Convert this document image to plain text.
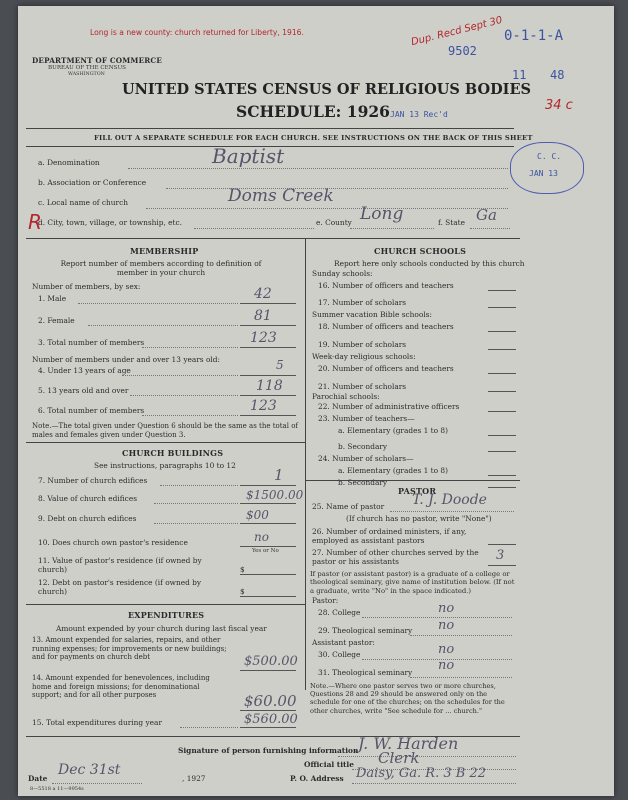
Long is a new county: church returned for Liberty, 1916.	Dup. Recd Sept 30 0-1-1-A
9502
11 48
34 c
R
DEPARTMENT OF COMMERCE
BUREAU OF THE CENSUS
WASHINGTON
UNITED STATES CENSUS OF RELIGIOUS BODIES
SCHEDULE: 1926 JAN 13 Rec'd
C. C.
JAN 13
FILL OUT A SEPARATE SCHEDULE FOR EACH CHURCH. SEE INSTRUCTIONS ON THE BACK OF THIS SHEET
a. Denomination	Baptist
b. Association or Conference
c. Local name of church	Doms Creek
d. City, town, village, or township, etc.	e. County Long	f. State Ga
MEMBERSHIP
Report number of members according to definition of member in your church
Number of members, by sex:
1. Male	42
2. Female	81
3. Total number of members	123
Number of members under and over 13 years old:
4. Under 13 years of age	5
5. 13 years old and over	118
6. Total number of members	123
Note.—The total given under Question 6 should be the same as the total of males and females given under Question 3.
CHURCH BUILDINGS
See instructions, paragraphs 10 to 12
7. Number of church edifices	1
8. Value of church edifices	$1500.00
9. Debt on church edifices	$00
10. Does church own pastor's residence	no
Yes or No
11. Value of pastor's residence (if owned by church)	$
12. Debt on pastor's residence (if owned by church)	$
EXPENDITURES
Amount expended by your church during last fiscal year
13. Amount expended for salaries, repairs, and other running expenses; for improvements or new buildings; and for payments on church debt	$500.00
14. Amount expended for benevolences, including home and foreign missions; for denominational support; and for all other purposes	$60.00
15. Total expenditures during year	$560.00
CHURCH SCHOOLS
Report here only schools conducted by this church
Sunday schools:
16. Number of officers and teachers
17. Number of scholars
Summer vacation Bible schools:
18. Number of officers and teachers
19. Number of scholars
Week-day religious schools:
20. Number of officers and teachers
21. Number of scholars
Parochial schools:
22. Number of administrative officers
23. Number of teachers—
a. Elementary (grades 1 to 8)
b. Secondary
24. Number of scholars—
a. Elementary (grades 1 to 8)
b. Secondary
PASTOR
25. Name of pastor T. J. Doode
(If church has no pastor, write "None")
26. Number of ordained ministers, if any, employed as assistant pastors
27. Number of other churches served by the pastor or his assistants	3
If pastor (or assistant pastor) is a graduate of a college or theological seminary, give name of institution below. (If not a graduate, write "No" in the space indicated.)
Pastor:
28. College	no
29. Theological seminary no
Assistant pastor:
30. College	no
31. Theological seminary no
Note.—Where one pastor serves two or more churches, Questions 28 and 29 should be answered only on the schedule for one of the churches; on the schedules for the other churches, write "See schedule for ... church."
Signature of person furnishing information J. W. Harden
Official title Clerk
Date
Dec 31st
, 1927	P. O. Address Daisy, Ga. R. 3 B 22
8—5518 a 11—9954s
